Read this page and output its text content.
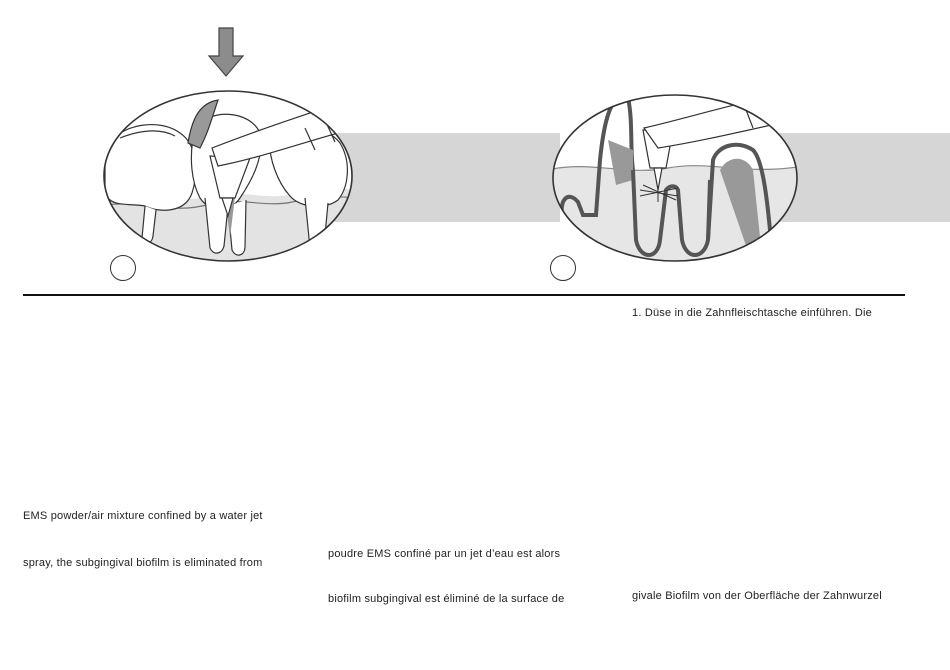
1. Düse in die Zahnfleischtasche einführen. Die
givale Biofilm von der Oberfläche der Zahnwurzel
EMS powder/air mixture confined by a water jet
spray, the subgingival biofilm is eliminated from
poudre EMS confiné par un jet d’eau est alors
biofilm subgingival est éliminé de la surface de
